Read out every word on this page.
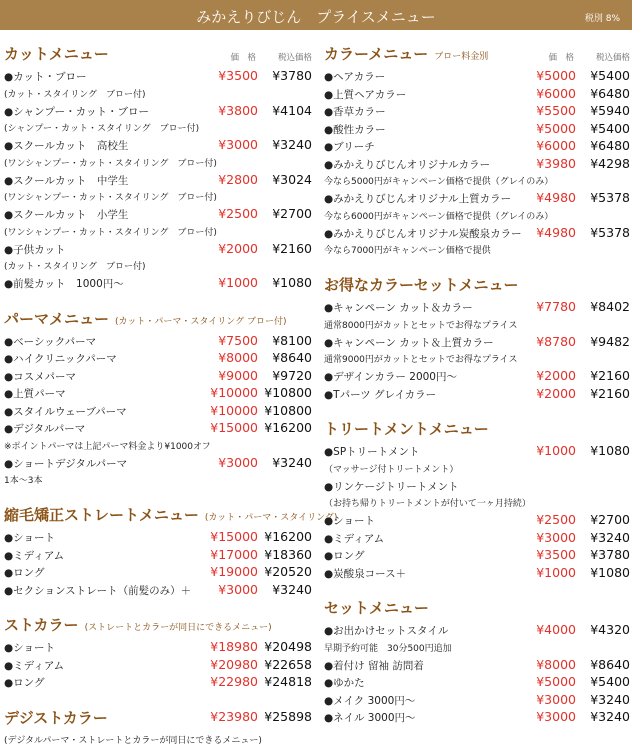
みかえりびじん　プライスメニュー	税別 8%
カットメニュー	価　格	税込価格
●カット・ブロー	¥3500 ¥3780
(カット・スタイリング　ブロー付)
●シャンプー・カット・ブロー	¥3800 ¥4104
(シャンプー・カット・スタイリング　ブロー付)
●スクールカット　高校生	¥3000 ¥3240
(ワンシャンプー・カット・スタイリング　ブロー付)
●スクールカット　中学生	¥2800 ¥3024
(ワンシャンプー・カット・スタイリング　ブロー付)
●スクールカット　小学生	¥2500 ¥2700
(ワンシャンプー・カット・スタイリング　ブロー付)
●子供カット	¥2000 ¥2160
(カット・スタイリング　ブロー付)
●前髪カット　1000円～	¥1000 ¥1080
パーマメニュー (カット・パーマ・スタイリング ブロー付)
●ベーシックパーマ	¥7500 ¥8100
●ハイクリニックパーマ	¥8000 ¥8640
●コスメパーマ	¥9000 ¥9720
●上質パーマ	¥10000 ¥10800
●スタイルウェーブパーマ	¥10000 ¥10800
●デジタルパーマ	¥15000 ¥16200
※ポイントパーマは上記パーマ料金より¥1000オフ
●ショートデジタルパーマ	¥3000 ¥3240
1本～3本
縮毛矯正ストレートメニュー (カット・パーマ・スタイリング)
●ショート	¥15000 ¥16200
●ミディアム	¥17000 ¥18360
●ロング	¥19000 ¥20520
●セクションストレート（前髪のみ）＋ ¥3000 ¥3240
ストカラー (ストレートとカラーが同日にできるメニュー)
●ショート	¥18980 ¥20498
●ミディアム	¥20980 ¥22658
●ロング	¥22980 ¥24818
デジストカラー	¥23980 ¥25898
(デジタルパーマ・ストレートとカラーが同日にできるメニュー)
カラーメニュー ブロー料金別	価　格	税込価格
●ヘアカラー	¥5000 ¥5400
●上質ヘアカラー	¥6000 ¥6480
●香草カラー	¥5500 ¥5940
●酸性カラー	¥5000 ¥5400
●ブリーチ	¥6000 ¥6480
●みかえりびじんオリジナルカラー	¥3980 ¥4298
今なら5000円がキャンペーン価格で提供（グレイのみ）
●みかえりびじんオリジナル上質カラー ¥4980 ¥5378
今なら6000円がキャンペーン価格で提供（グレイのみ）
●みかえりびじんオリジナル炭酸泉カラー ¥4980 ¥5378
今なら7000円がキャンペーン価格で提供
お得なカラーセットメニュー
●キャンペーン カット＆カラー	¥7780 ¥8402
通常8000円がカットとセットでお得なプライス
●キャンペーン カット＆上質カラー	¥8780 ¥9482
通常9000円がカットとセットでお得なプライス
●デザインカラー 2000円～	¥2000 ¥2160
●Tパーツ グレイカラー	¥2000 ¥2160
トリートメントメニュー
●SPトリートメント	¥1000 ¥1080
（マッサージ付トリートメント）
●リンケージトリートメント
（お持ち帰りトリートメントが付いて一ヶ月持続）
●ショート	¥2500 ¥2700
●ミディアム	¥3000 ¥3240
●ロング	¥3500 ¥3780
●炭酸泉コース＋	¥1000 ¥1080
セットメニュー
●お出かけセットスタイル	¥4000 ¥4320
早期予約可能　30分500円追加
●着付け 留袖 訪問着	¥8000 ¥8640
●ゆかた	¥5000 ¥5400
●メイク 3000円～	¥3000 ¥3240
●ネイル 3000円～	¥3000 ¥3240
